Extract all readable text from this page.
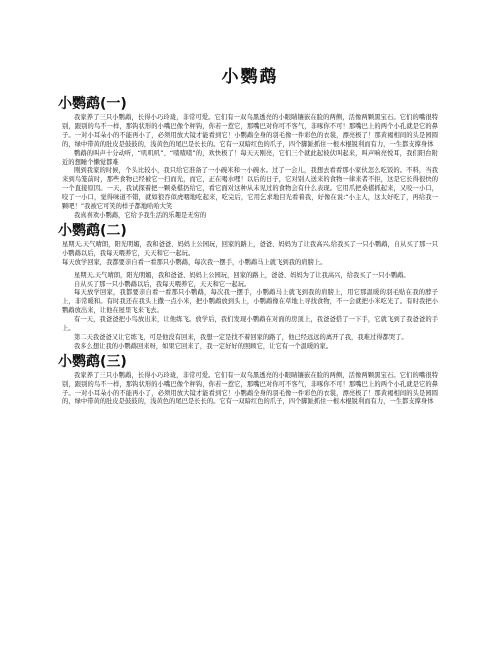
小鹦鹉
小鹦鹉(一)

我家养了三只小鹦鹉，长得小巧玲珑，非常可爱。它们有一双乌黑透亮的小眼睛镶嵌在脸的两侧，活像两颗黑宝石。它们的嘴很特别，跟别的鸟不一样，那钩状形的小嘴巴像个秤钩，你若一惹它，那嘴巴对你可不客气，非啄你不可！那嘴巴上的两个小孔就是它的鼻子。一对小耳朵小的不能再小了，必须用放大镜才能看到它！小鹦鹉全身的羽毛像一件彩色的衣裳，漂亮极了！那黄褐相间的头是园圆的，绿中带黄的肚皮是鼓鼓的，浅黄色的尾巴是长长的。它有一双暗红色的爪子，四个脚趾抓住一根木棍锐利而有力，一生都支撑身体

鹦鹉的叫声十分动听，“叽叽叽”、“喳喳喳”的，欢快极了！每天天刚亮，它们三个就此起彼伏叫起来，叫声响亮悦耳，我们阳台附近的想睡个懒觉都难

刚到我家的时候，个头比较小，我只给它准备了一小碗米和一小碗水。过了一会儿，我想去看看那小家伙怎么吃饭的。不料，当我来到鸟笼前时，那些食物已经被它一扫而光，而它，正在喝水哩！以后的日子，它对别人送来的食物一律来者不拒，这是它长得很快的一个直接原因。一天，我试探着把一颗桑椹扔给它，看它面对这种从未见过的食物会有什么表现。它用爪把桑椹抓起来，又咬一小口，咬了一小口，觉得味道不错，就如狼吞似虎咽地吃起来，吃完后，它用乞求地目光看着我，好像在说:“小主人，这太好吃了，再给我一颗吧！”我被它可笑的样子都地哈哈大笑

我真喜欢小鹦鹉，它给予我生活的乐趣是无穷的

小鹦鹉(二)

星期天,天气晴朗，阳光明媚，我和爸爸、妈妈上公园玩，回家的路上，爸爸、妈妈为了让我高兴,给我买了一只小鹦鹉，自从买了那一只小鹦鹉以后，我每天喂养它，天天和它一起玩。

每天放学回家，我都要亲自看一看那只小鹦鹉，每次我一摆手，小鹦鹉马上就飞到我的肩膀上。

星期天,天气晴朗，阳光明媚，我和爸爸、妈妈上公园玩，回家的路上，爸爸、妈妈为了让我高兴，给我买了一只小鹦鹉。

自从买了那一只小鹦鹉以后，我每天喂养它，天天和它一起玩。

每天放学回家，我都要亲自看一看那只小鹦鹉，每次我一摆手，小鹦鹉马上就飞到我的肩膀上，用它那温暖的羽毛贴在我的脖子上，非常暖和。有时我还在我头上撒一点小米，把小鹦鹉放到头上，小鹦鹉像在草地上寻找食物，不一会就把小米吃光了。有时我把小鹦鹉放出来，让他在屋里飞来飞去。

有一天，我爸爸把小鸟放出来，让他练飞。放学后，我们发现小鹦鹉在对面的房顶上，我爸爸搭了一下手，它就飞到了我爸爸的手上。

第二天我爸爸又让它练飞，可是他没有回来，我想一定是找不着回家的路了，他已经远远的离开了我，我难过得都哭了。

我多么想让我的小鹦鹉回来呀，如果它回来了，我一定好好的照顾它，让它有一个温暖的家。

小鹦鹉(三)

我家养了三只小鹦鹉，长得小巧玲珑，非常可爱。它们有一双乌黑透亮的小眼睛镶嵌在脸的两侧，活像两颗黑宝石。它们的嘴很特别，跟别的鸟不一样，那钩状形的小嘴巴像个秤钩，你若一惹它，那嘴巴对你可不客气，非啄你不可！那嘴巴上的两个小孔就是它的鼻子。一对小耳朵小的不能再小了，必须用放大镜才能看到它！小鹦鹉全身的羽毛像一件彩色的衣裳，漂亮极了！那黄褐相间的头是园圆的，绿中带黄的肚皮是鼓鼓的，浅黄色的尾巴是长长的。它有一双暗红色的爪子，四个脚趾抓住一根木棍锐利而有力，一生都支撑身体
